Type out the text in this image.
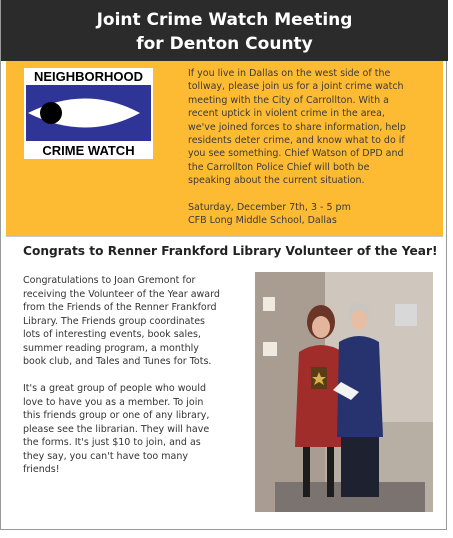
Joint Crime Watch Meeting
for Denton County
NEIGHBORHOOD
CRIME WATCH

If you live in Dallas on the west side of the

tollway, please join us for a joint crime watch

meeting with the City of Carrollton. With a

recent uptick in violent crime in the area,

we've joined forces to share information, help

residents deter crime, and know what to do if

you see something. Chief Watson of DPD and

the Carrollton Police Chief will both be

speaking about the current situation.

Saturday, December 7th, 3 - 5 pm

CFB Long Middle School, Dallas

Congrats to Renner Frankford Library Volunteer of the Year!

Congratulations to Joan Gremont for
receiving the Volunteer of the Year award
from the Friends of the Renner Frankford
Library. The Friends group coordinates
lots of interesting events, book sales,
summer reading program, a monthly
book club, and Tales and Tunes for Tots.

It's a great group of people who would
love to have you as a member. To join
this friends group or one of any library,
please see the librarian. They will have
the forms. It's just $10 to join, and as
they say, you can't have too many
friends!
